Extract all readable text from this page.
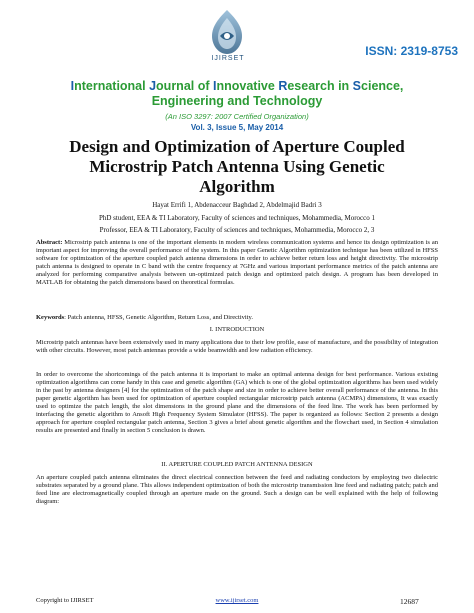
IJIRSET
ISSN: 2319-8753
International Journal of Innovative Research in Science,
Engineering and Technology
(An ISO 3297: 2007 Certified Organization)
Vol. 3, Issue 5, May 2014
Design and Optimization of Aperture Coupled
Microstrip Patch Antenna Using Genetic
Algorithm
Hayat Errifi 1, Abdenacceur Baghdad 2, Abdelmajid Badri 3
PhD student, EEA & TI Laboratory, Faculty of sciences and techniques, Mohammedia, Morocco 1
Professor, EEA & TI Laboratory, Faculty of sciences and techniques, Mohammedia, Morocco 2, 3
Abstract: Microstrip patch antenna is one of the important elements in modern wireless communication systems and hence its design optimization is an important aspect for improving the overall performance of the system. In this paper Genetic Algorithm optimization technique has been utilized in HFSS software for optimization of the aperture coupled patch antenna dimensions in order to achieve better return loss and height directivity. The microstrip patch antenna is designed to operate in C band with the centre frequency at 7GHz and various important performance metrics of the patch antenna are analyzed for performing comparative analysis between un-optimized patch design and optimized patch design. A program has been developed in MATLAB for obtaining the patch dimensions based on theoretical formulas.
Keywords: Patch antenna, HFSS, Genetic Algorithm, Return Loss, and Directivity.
I. INTRODUCTION
Microstrip patch antennas have been extensively used in many applications due to their low profile, ease of manufacture, and the possibility of integration with other circuits. However, most patch antennas provide a wide beamwidth and low radiation efficiency.
In order to overcome the shortcomings of the patch antenna it is important to make an optimal antenna design for best performance. Various existing optimization algorithms can come handy in this case and genetic algorithm (GA) which is one of the global optimization algorithms has been used widely in the past by antenna designers [4] for the optimization of the patch shape and size in order to achieve better overall performance of the antenna. In this paper genetic algorithm has been used for optimization of aperture coupled rectangular microstrip patch antenna (ACMPA) dimensions, It was exactly used to optimize the patch length, the slot dimensions in the ground plane and the dimensions of the feed line. The work has been performed by interfacing the genetic algorithm to Ansoft High Frequency System Simulator (HFSS). The paper is organized as follows: Section 2 presents a design approach for aperture coupled rectangular patch antenna, Section 3 gives a brief about genetic algorithm and the flowchart used, in Section 4 simulation results are presented and finally in section 5 conclusion is drawn.
II. APERTURE COUPLED PATCH ANTENNA DESIGN
An aperture coupled patch antenna eliminates the direct electrical connection between the feed and radiating conductors by employing two dielectric substrates separated by a ground plane. This allows independent optimization of both the microstrip transmission line feed and radiating patch; patch and feed line are electromagnetically coupled through an aperture made on the ground. Such a design can be well explained with the help of following diagram:
Copyright to IJIRSET	www.ijirset.com	12687
